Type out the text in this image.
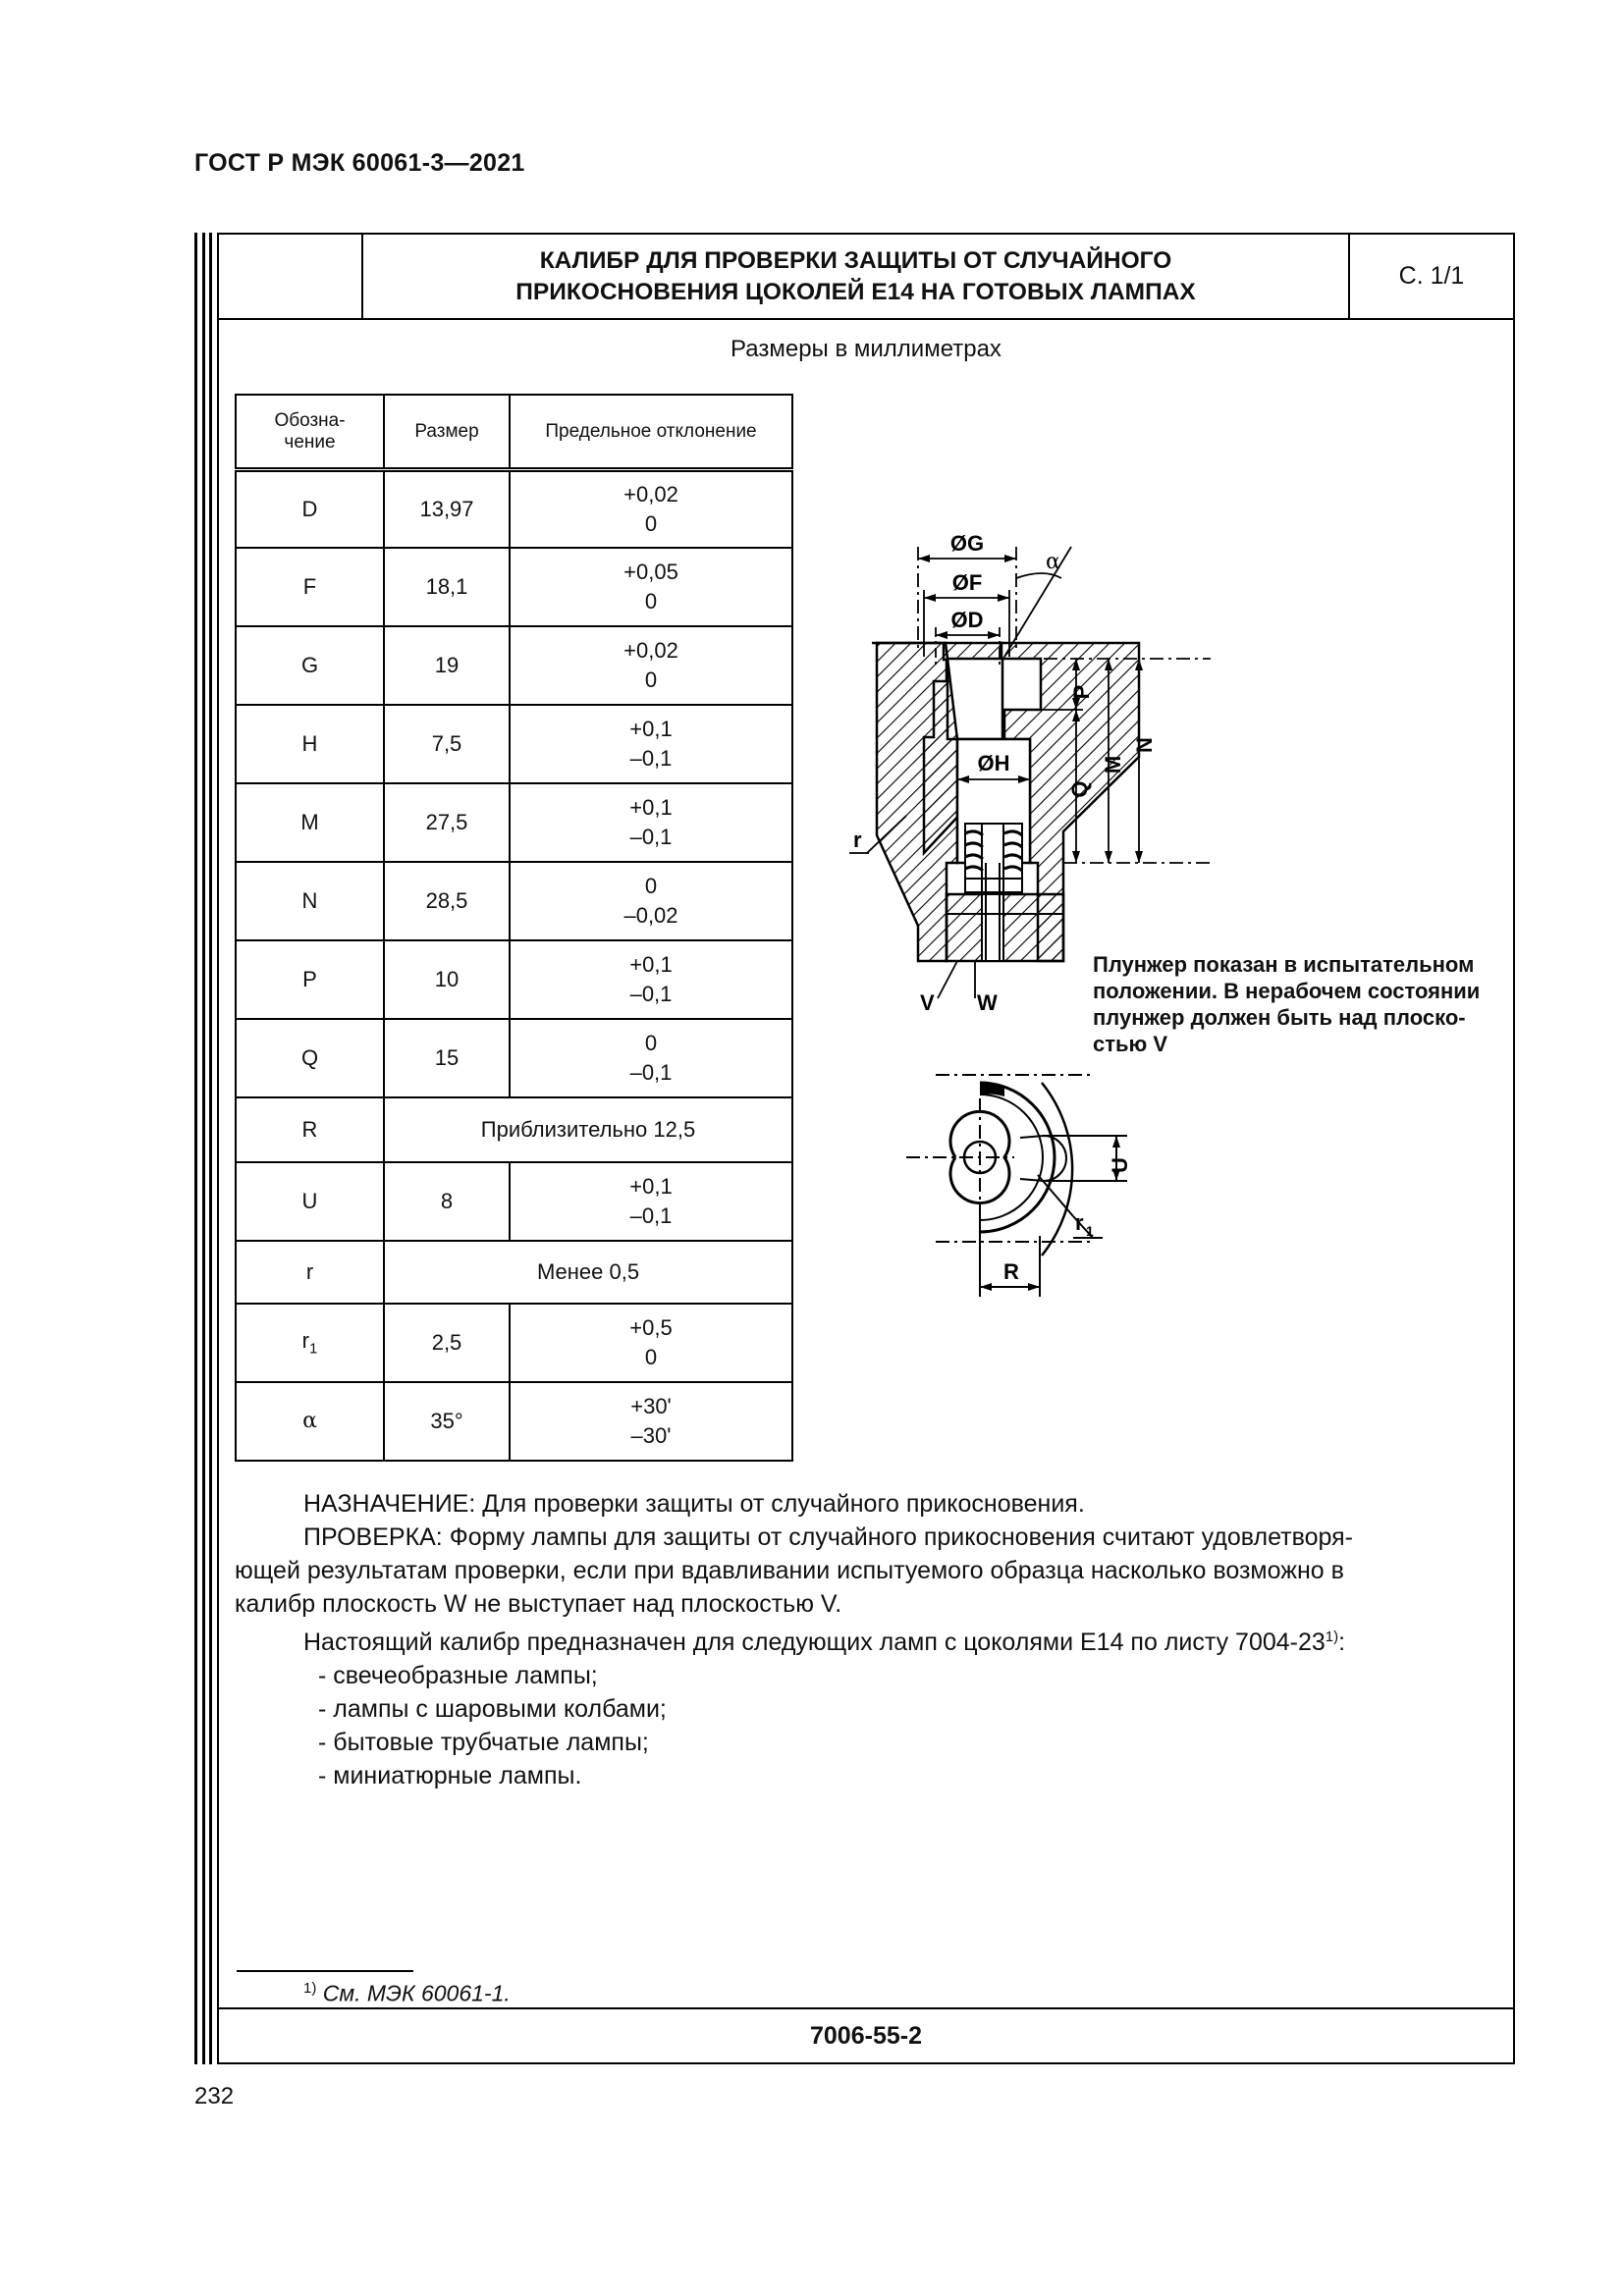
ГОСТ Р МЭК 60061-3—2021
КАЛИБР ДЛЯ ПРОВЕРКИ ЗАЩИТЫ ОТ СЛУЧАЙНОГО
ПРИКОСНОВЕНИЯ ЦОКОЛЕЙ Е14 НА ГОТОВЫХ ЛАМПАХ
С. 1/1
Размеры в миллиметрах
Обозна-
чение	Размер	Предельное отклонение
D	13,97	+0,02
0
F	18,1	+0,05
0
G	19	+0,02
0
H	7,5	+0,1
–0,1
M	27,5	+0,1
–0,1
N	28,5	0
–0,02
P	10	+0,1
–0,1
Q	15	0
–0,1
R	Приблизительно 12,5	
U	8	+0,1
–0,1
r	Менее 0,5	
$r_1$	2,5	+0,5
0
α	35°	+30'
–30'
ØG
ØF
ØD
ØH
α
P
Q
M
N
r
V W
U
R
r 1
Плунжер показан в испытательном
положении. В нерабочем состоянии
плунжер должен быть над плоско-
стью V

НАЗНАЧЕНИЕ: Для проверки защиты от случайного прикосновения.

ПРОВЕРКА: Форму лампы для защиты от случайного прикосновения считают удовлетворя-

ющей результатам проверки, если при вдавливании испытуемого образца насколько возможно в

калибр плоскость W не выступает над плоскостью V.

Настоящий калибр предназначен для следующих ламп с цоколями Е14 по листу 7004-23$^{1)}$:

- свечеобразные лампы;

- лампы с шаровыми колбами;

- бытовые трубчатые лампы;

- миниатюрные лампы.

$^{1)}$ См. МЭК 60061-1.
7006-55-2
232
